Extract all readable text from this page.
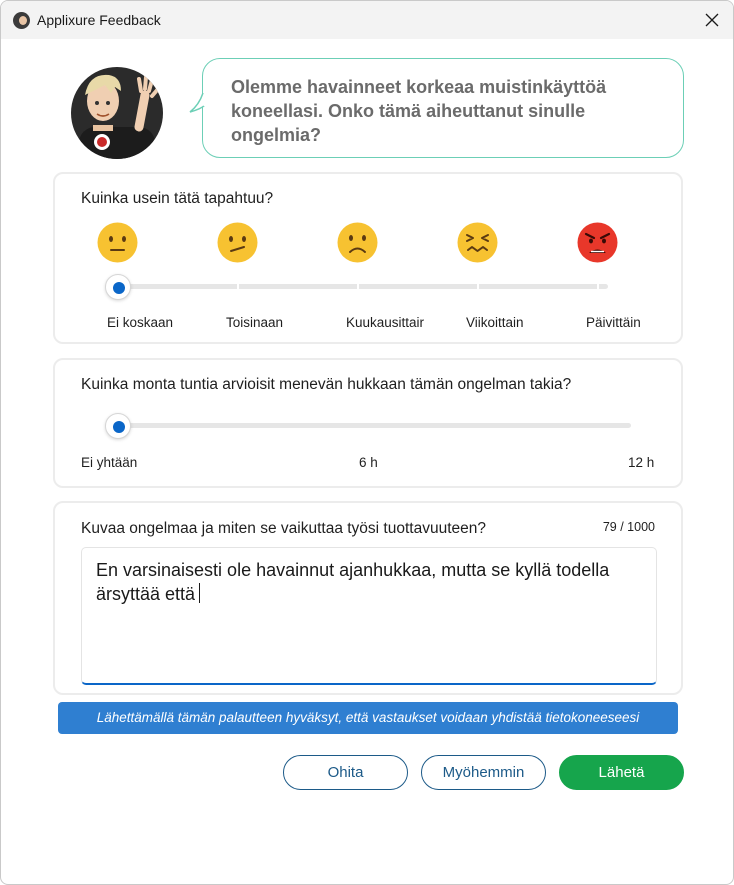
Applixure Feedback
Olemme havainneet korkeaa muistinkäyttöä koneellasi. Onko tämä aiheuttanut sinulle ongelmia?
Kuinka usein tätä tapahtuu?
Ei koskaan	Toisinaan	Kuukausittair	Viikoittain	Päivittäin
Kuinka monta tuntia arvioisit menevän hukkaan tämän ongelman takia?
Ei yhtään	6 h	12 h
Kuvaa ongelmaa ja miten se vaikuttaa työsi tuottavuuteen?	79 / 1000
En varsinaisesti ole havainnut ajanhukkaa, mutta se kyllä todella ärsyttää että
Lähettämällä tämän palautteen hyväksyt, että vastaukset voidaan yhdistää tietokoneeseesi
Ohita	Myöhemmin	Lähetä
